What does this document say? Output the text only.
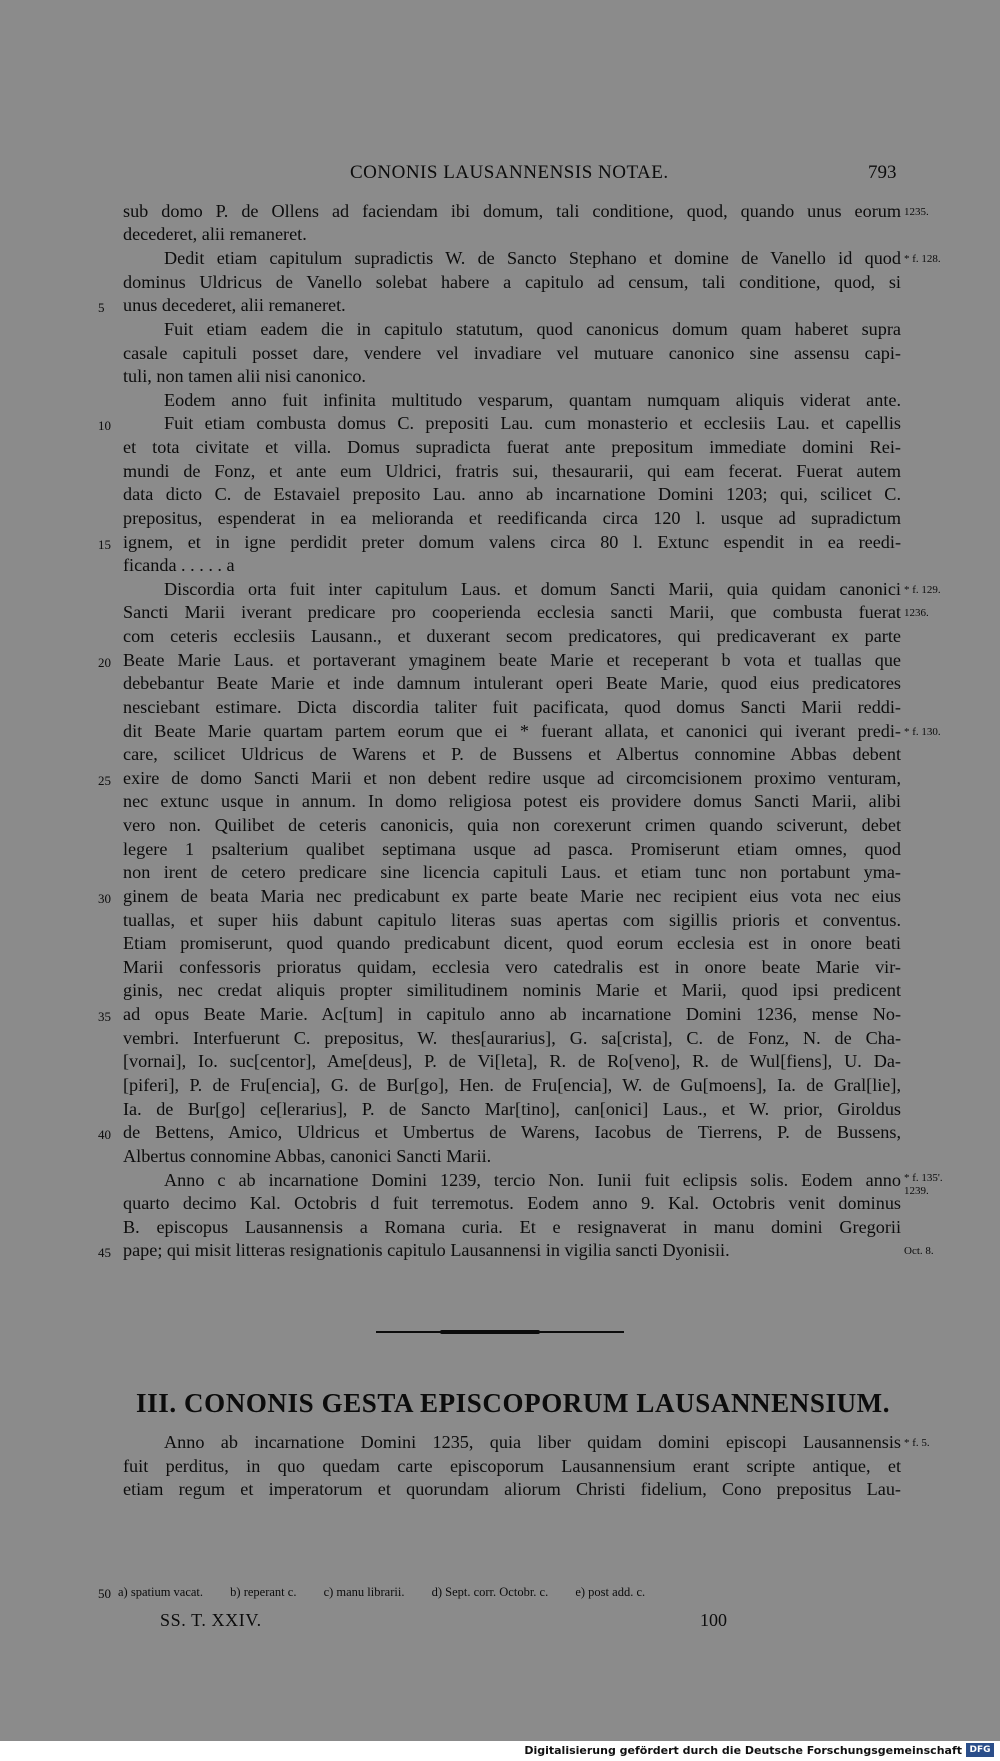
CONONIS LAUSANNENSIS NOTAE.	793
sub domo P. de Ollens ad faciendam ibi domum, tali conditione, quod, quando unus eorum
decederet, alii remaneret.
Dedit etiam capitulum supradictis W. de Sancto Stephano et domine de Vanello id quod
dominus Uldricus de Vanello solebat habere a capitulo ad censum, tali conditione, quod, si
unus decederet, alii remaneret.
Fuit etiam eadem die in capitulo statutum, quod canonicus domum quam haberet supra
casale capituli posset dare, vendere vel invadiare vel mutuare canonico sine assensu capi-
tuli, non tamen alii nisi canonico.
Eodem anno fuit infinita multitudo vesparum, quantam numquam aliquis viderat ante.
Fuit etiam combusta domus C. prepositi Lau. cum monasterio et ecclesiis Lau. et capellis
et tota civitate et villa. Domus supradicta fuerat ante prepositum immediate domini Rei-
mundi de Fonz, et ante eum Uldrici, fratris sui, thesaurarii, qui eam fecerat. Fuerat autem
data dicto C. de Estavaiel preposito Lau. anno ab incarnatione Domini 1203; qui, scilicet C.
prepositus, espenderat in ea melioranda et reedificanda circa 120 l. usque ad supradictum
ignem, et in igne perdidit preter domum valens circa 80 l. Extunc espendit in ea reedi-
ficanda . . . . . a
Discordia orta fuit inter capitulum Laus. et domum Sancti Marii, quia quidam canonici
Sancti Marii iverant predicare pro cooperienda ecclesia sancti Marii, que combusta fuerat
com ceteris ecclesiis Lausann., et duxerant secom predicatores, qui predicaverant ex parte
Beate Marie Laus. et portaverant ymaginem beate Marie et receperant b vota et tuallas que
debebantur Beate Marie et inde damnum intulerant operi Beate Marie, quod eius predicatores
nesciebant estimare. Dicta discordia taliter fuit pacificata, quod domus Sancti Marii reddi-
dit Beate Marie quartam partem eorum que ei * fuerant allata, et canonici qui iverant predi-
care, scilicet Uldricus de Warens et P. de Bussens et Albertus connomine Abbas debent
exire de domo Sancti Marii et non debent redire usque ad circomcisionem proximo venturam,
nec extunc usque in annum. In domo religiosa potest eis providere domus Sancti Marii, alibi
vero non. Quilibet de ceteris canonicis, quia non corexerunt crimen quando sciverunt, debet
legere 1 psalterium qualibet septimana usque ad pasca. Promiserunt etiam omnes, quod
non irent de cetero predicare sine licencia capituli Laus. et etiam tunc non portabunt yma-
ginem de beata Maria nec predicabunt ex parte beate Marie nec recipient eius vota nec eius
tuallas, et super hiis dabunt capitulo literas suas apertas com sigillis prioris et conventus.
Etiam promiserunt, quod quando predicabunt dicent, quod eorum ecclesia est in onore beati
Marii confessoris prioratus quidam, ecclesia vero catedralis est in onore beate Marie vir-
ginis, nec credat aliquis propter similitudinem nominis Marie et Marii, quod ipsi predicent
ad opus Beate Marie. Ac[tum] in capitulo anno ab incarnatione Domini 1236, mense No-
vembri. Interfuerunt C. prepositus, W. thes[aurarius], G. sa[crista], C. de Fonz, N. de Cha-
[vornai], Io. suc[centor], Ame[deus], P. de Vi[leta], R. de Ro[veno], R. de Wul[fiens], U. Da-
[piferi], P. de Fru[encia], G. de Bur[go], Hen. de Fru[encia], W. de Gu[moens], Ia. de Gral[lie],
Ia. de Bur[go] ce[lerarius], P. de Sancto Mar[tino], can[onici] Laus., et W. prior, Giroldus
de Bettens, Amico, Uldricus et Umbertus de Warens, Iacobus de Tierrens, P. de Bussens,
Albertus connomine Abbas, canonici Sancti Marii.
Anno c ab incarnatione Domini 1239, tercio Non. Iunii fuit eclipsis solis. Eodem anno
quarto decimo Kal. Octobris d fuit terremotus. Eodem anno 9. Kal. Octobris venit dominus
B. episcopus Lausannensis a Romana curia. Et e resignaverat in manu domini Gregorii
pape; qui misit litteras resignationis capitulo Lausannensi in vigilia sancti Dyonisii.
5
10
15
20
25
30
35
40
45
50
1235.
* f. 128.
* f. 129.
1236.
* f. 130.
* f. 135'.
1239.
Oct. 8.
III. CONONIS GESTA EPISCOPORUM LAUSANNENSIUM.
Anno ab incarnatione Domini 1235, quia liber quidam domini episcopi Lausannensis
fuit perditus, in quo quedam carte episcoporum Lausannensium erant scripte antique, et
etiam regum et imperatorum et quorundam aliorum Christi fidelium, Cono prepositus Lau-
* f. 5.
a) spatium vacat. b) reperant c. c) manu librarii. d) Sept. corr. Octobr. c. e) post add. c.
SS. T. XXIV.	100
Digitalisierung gefördert durch die Deutsche Forschungsgemeinschaft DFG
